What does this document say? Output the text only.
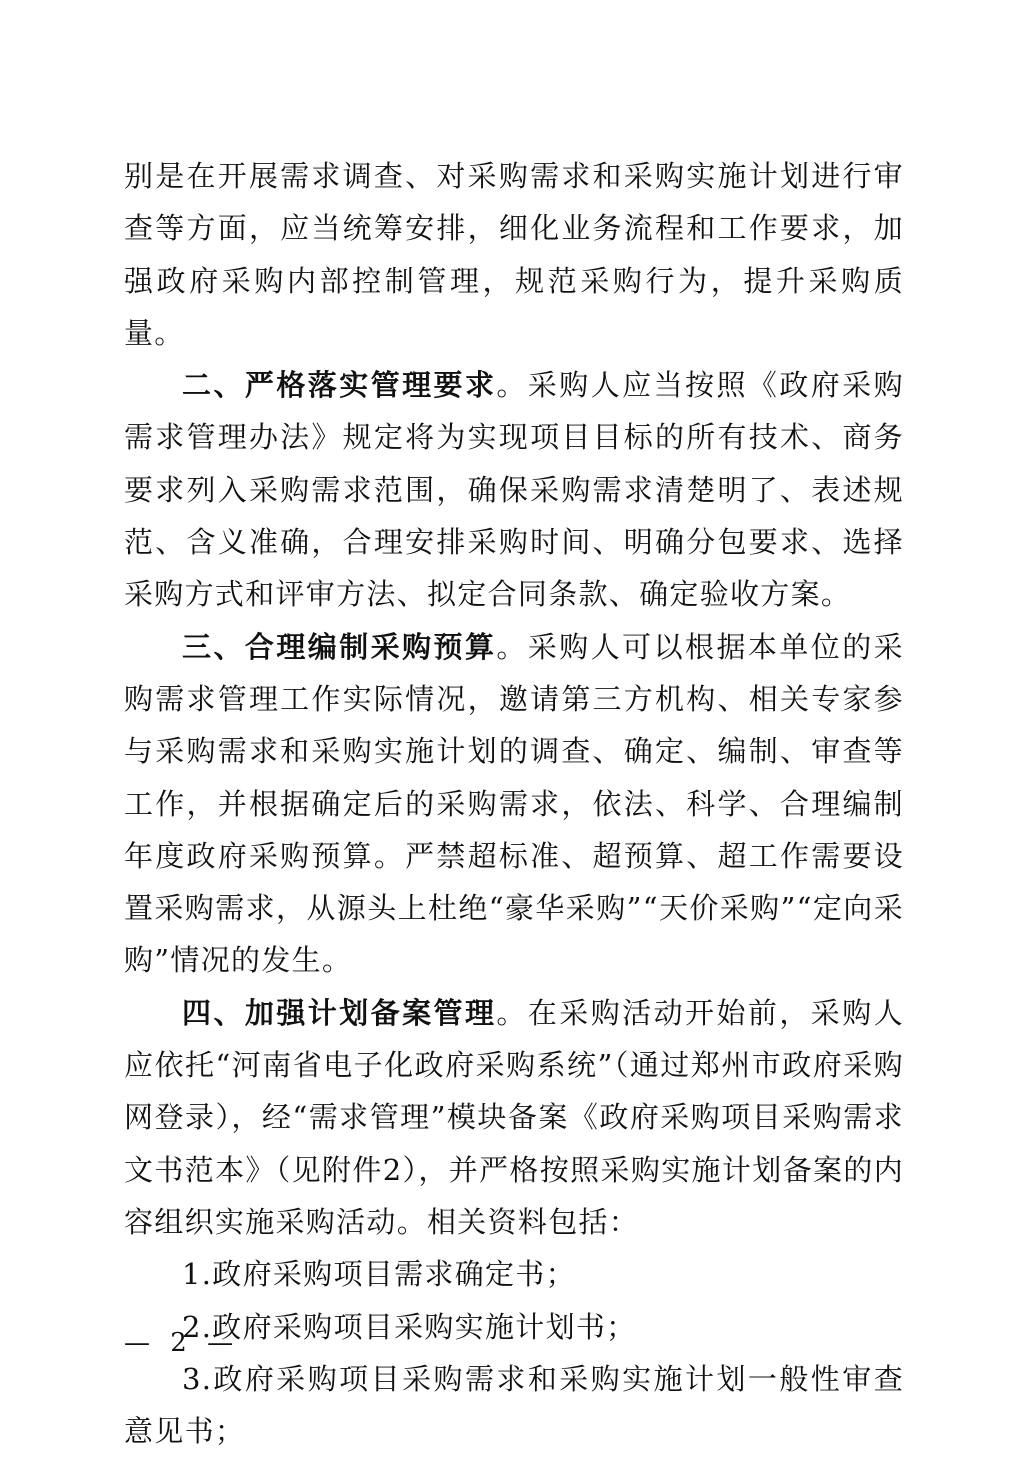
别是在开展需求调查、对采购需求和采购实施计划进行审查等方面，应当统筹安排，细化业务流程和工作要求，加强政府采购内部控制管理，规范采购行为，提升采购质量。

二、严格落实管理要求。采购人应当按照《政府采购需求管理办法》规定将为实现项目目标的所有技术、商务要求列入采购需求范围，确保采购需求清楚明了、表述规范、含义准确，合理安排采购时间、明确分包要求、选择采购方式和评审方法、拟定合同条款、确定验收方案。

三、合理编制采购预算。采购人可以根据本单位的采购需求管理工作实际情况，邀请第三方机构、相关专家参与采购需求和采购实施计划的调查、确定、编制、审查等工作，并根据确定后的采购需求，依法、科学、合理编制年度政府采购预算。严禁超标准、超预算、超工作需要设置采购需求，从源头上杜绝“豪华采购”“天价采购”“定向采购”情况的发生。

四、加强计划备案管理。在采购活动开始前，采购人应依托“河南省电子化政府采购系统”（通过郑州市政府采购网登录），经“需求管理”模块备案《政府采购项目采购需求文书范本》（见附件2），并严格按照采购实施计划备案的内容组织实施采购活动。相关资料包括：

1.政府采购项目需求确定书；

2.政府采购项目采购实施计划书；

3.政府采购项目采购需求和采购实施计划一般性审查意见书；

— 2 —
